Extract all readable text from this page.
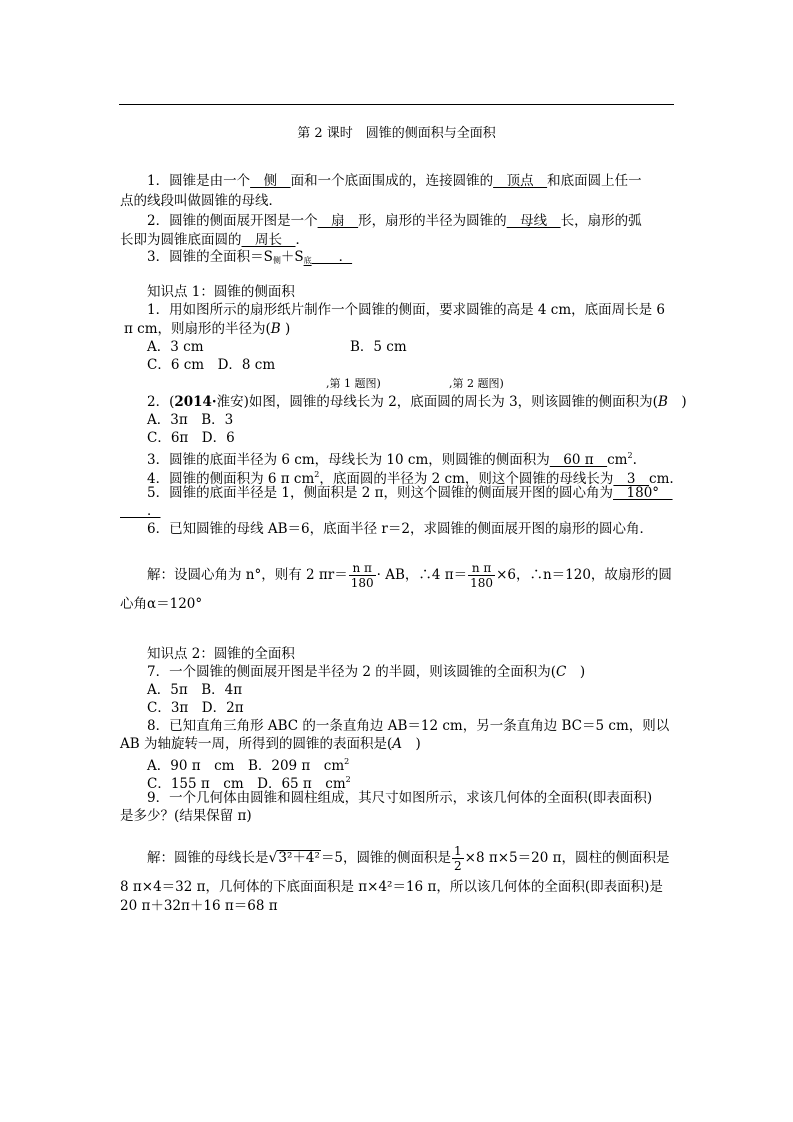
第 2 课时　圆锥的侧面积与全面积
1．圆锥是由一个　侧　面和一个底面围成的，连接圆锥的　顶点　和底面圆上任一
点的线段叫做圆锥的母线．
2．圆锥的侧面展开图是一个　扇　形，扇形的半径为圆锥的　母线　长，扇形的弧
长即为圆锥底面圆的　周长　．
3．圆锥的全面积$=S_侧+S_底$　　．
知识点 1：圆锥的侧面积
1．用如图所示的扇形纸片制作一个圆锥的侧面，要求圆锥的高是 4 cm，底面周长是 6
π cm，则扇形的半径为(B )
A．3 cm	B．5 cm
C．6 cm　D．8 cm
,第 1 题图)	,第 2 题图)
2．(2014·淮安)如图，圆锥的母线长为 2，底面圆的周长为 3，则该圆锥的侧面积为(B　)
A．3π　B．3
C．6π　D．6
3．圆锥的底面半径为 6 cm，母线长为 10 cm，则圆锥的侧面积为　60 π　$cm^2$.
4．圆锥的侧面积为 6 π $cm^2$，底面圆的半径为 2 cm，则这个圆锥的母线长为　3　cm.
5．圆锥的底面半径是 1，侧面积是 2 π，则这个圆锥的侧面展开图的圆心角为　180°　
　　．
6．已知圆锥的母线 AB＝6，底面半径 r＝2，求圆锥的侧面展开图的扇形的圆心角．
解：设圆心角为 n°，则有 2 $\pi r= \frac{\text{n π}}{180}$ · AB，∴4 $\pi= \frac{\text{n π}}{180} \times 6$，∴n＝120，故扇形的圆
心角α＝120°
知识点 2：圆锥的全面积
7．一个圆锥的侧面展开图是半径为 2 的半圆，则该圆锥的全面积为(C　)
A．5π　B．4π
C．3π　D．2π
8．已知直角三角形 ABC 的一条直角边 AB＝12 cm，另一条直角边 BC＝5 cm，则以
AB 为轴旋转一周，所得到的圆锥的表面积是(A　)
A．90 π　cm　B．209 π　$cm^2$
C．155 π　cm　D．65 π　$cm^2$
9．一个几何体由圆锥和圆柱组成，其尺寸如图所示，求该几何体的全面积(即表面积)
是多少？(结果保留 π)
解：圆锥的母线长是√3²＋4²＝5，圆锥的侧面积是 $\frac{1}{2} \times 8$ π×5＝20 π，圆柱的侧面积是
8 π×4＝32 π，几何体的下底面面积是 π×4²＝16 π，所以该几何体的全面积(即表面积)是
20 π＋32π＋16 π＝68 π
